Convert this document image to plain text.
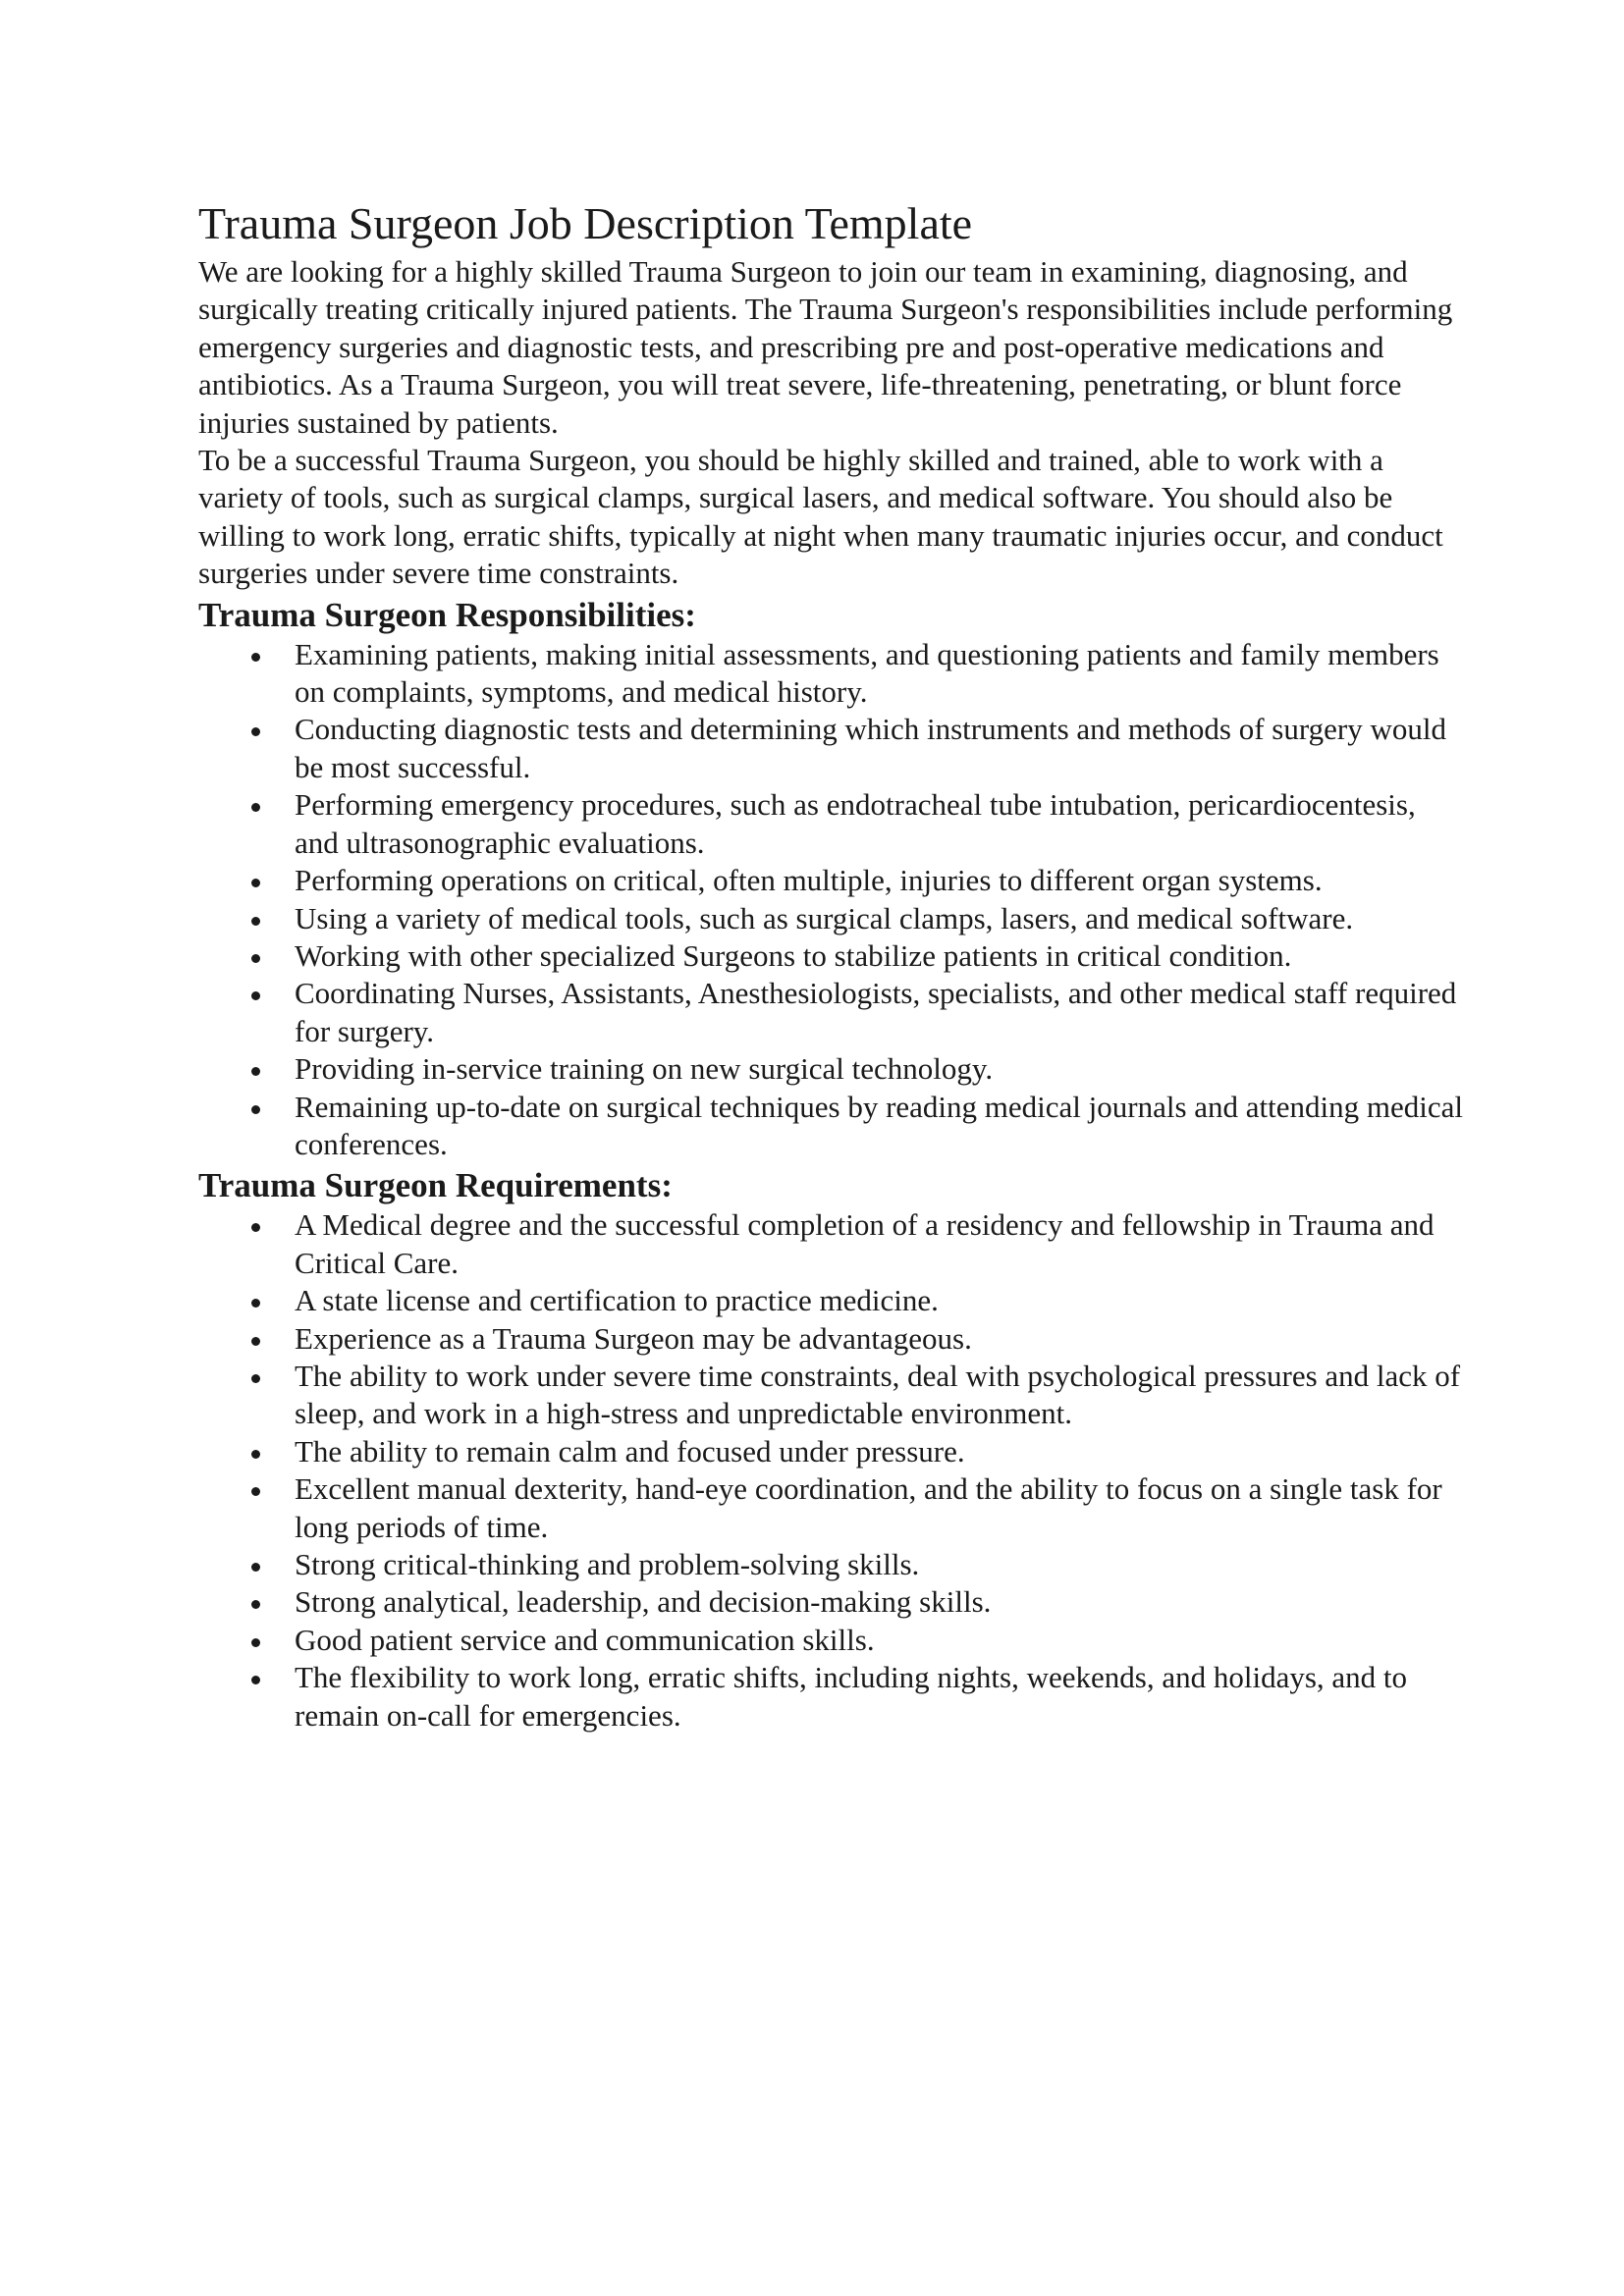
Trauma Surgeon Job Description Template

We are looking for a highly skilled Trauma Surgeon to join our team in examining, diagnosing, and surgically treating critically injured patients. The Trauma Surgeon's responsibilities include performing emergency surgeries and diagnostic tests, and prescribing pre and post-operative medications and antibiotics. As a Trauma Surgeon, you will treat severe, life-threatening, penetrating, or blunt force injuries sustained by patients.

To be a successful Trauma Surgeon, you should be highly skilled and trained, able to work with a variety of tools, such as surgical clamps, surgical lasers, and medical software. You should also be willing to work long, erratic shifts, typically at night when many traumatic injuries occur, and conduct surgeries under severe time constraints.

Trauma Surgeon Responsibilities:
Examining patients, making initial assessments, and questioning patients and family members on complaints, symptoms, and medical history.
Conducting diagnostic tests and determining which instruments and methods of surgery would be most successful.
Performing emergency procedures, such as endotracheal tube intubation, pericardiocentesis, and ultrasonographic evaluations.
Performing operations on critical, often multiple, injuries to different organ systems.
Using a variety of medical tools, such as surgical clamps, lasers, and medical software.
Working with other specialized Surgeons to stabilize patients in critical condition.
Coordinating Nurses, Assistants, Anesthesiologists, specialists, and other medical staff required for surgery.
Providing in-service training on new surgical technology.
Remaining up-to-date on surgical techniques by reading medical journals and attending medical conferences.
Trauma Surgeon Requirements:
A Medical degree and the successful completion of a residency and fellowship in Trauma and Critical Care.
A state license and certification to practice medicine.
Experience as a Trauma Surgeon may be advantageous.
The ability to work under severe time constraints, deal with psychological pressures and lack of sleep, and work in a high-stress and unpredictable environment.
The ability to remain calm and focused under pressure.
Excellent manual dexterity, hand-eye coordination, and the ability to focus on a single task for long periods of time.
Strong critical-thinking and problem-solving skills.
Strong analytical, leadership, and decision-making skills.
Good patient service and communication skills.
The flexibility to work long, erratic shifts, including nights, weekends, and holidays, and to remain on-call for emergencies.
